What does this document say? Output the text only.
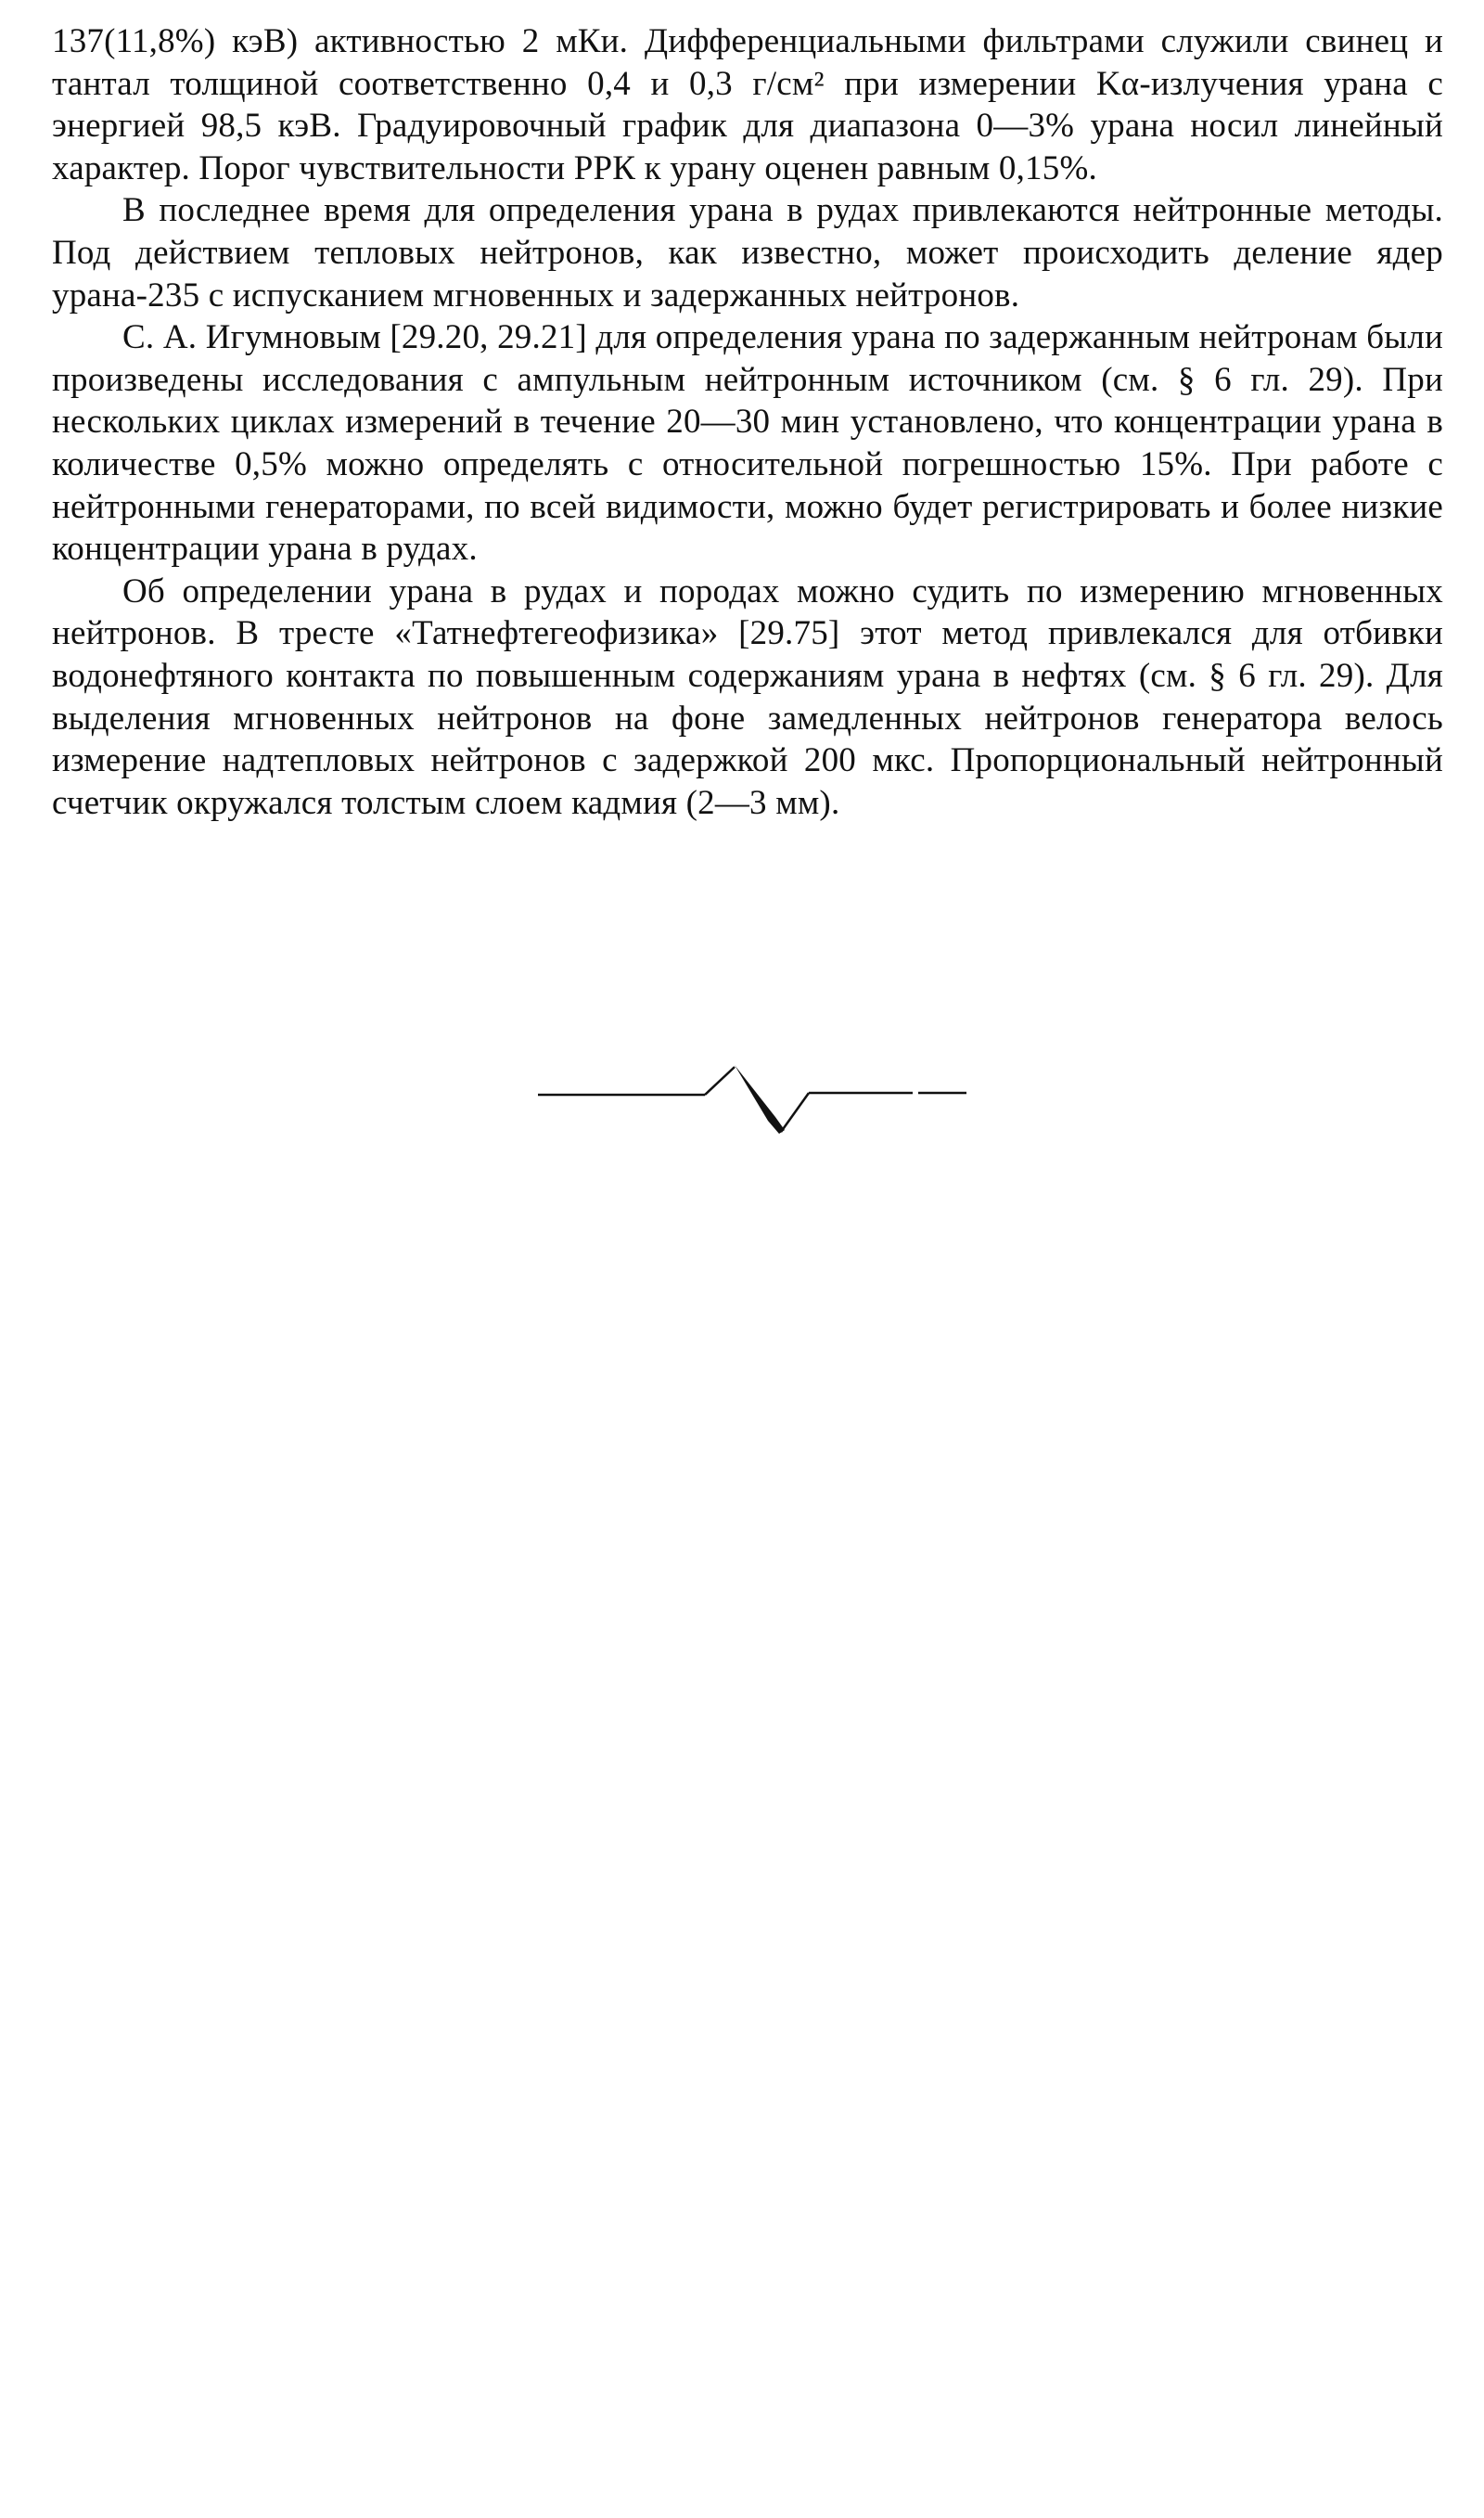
137(11,8%) кэВ) активностью 2 мКи. Дифференциальными фильтрами служили свинец и тантал толщиной соответственно 0,4 и 0,3 г/см² при измерении Kα-излучения урана с энергией 98,5 кэВ. Градуировочный график для диапазона 0—3% урана носил линейный характер. Порог чувствительности РРК к урану оценен равным 0,15%.

В последнее время для определения урана в рудах привлекаются нейтронные методы. Под действием тепловых нейтронов, как известно, может происходить деление ядер урана-235 с испусканием мгновенных и задержанных нейтронов.

С. А. Игумновым [29.20, 29.21] для определения урана по задержанным нейтронам были произведены исследования с ампульным нейтронным источником (см. § 6 гл. 29). При нескольких циклах измерений в течение 20—30 мин установлено, что концентрации урана в количестве 0,5% можно определять с относительной погрешностью 15%. При работе с нейтронными генераторами, по всей видимости, можно будет регистрировать и более низкие концентрации урана в рудах.

Об определении урана в рудах и породах можно судить по измерению мгновенных нейтронов. В тресте «Татнефтегеофизика» [29.75] этот метод привлекался для отбивки водонефтяного контакта по повышенным содержаниям урана в нефтях (см. § 6 гл. 29). Для выделения мгновенных нейтронов на фоне замедленных нейтронов генератора велось измерение надтепловых нейтронов с задержкой 200 мкс. Пропорциональный нейтронный счетчик окружался толстым слоем кадмия (2—3 мм).
